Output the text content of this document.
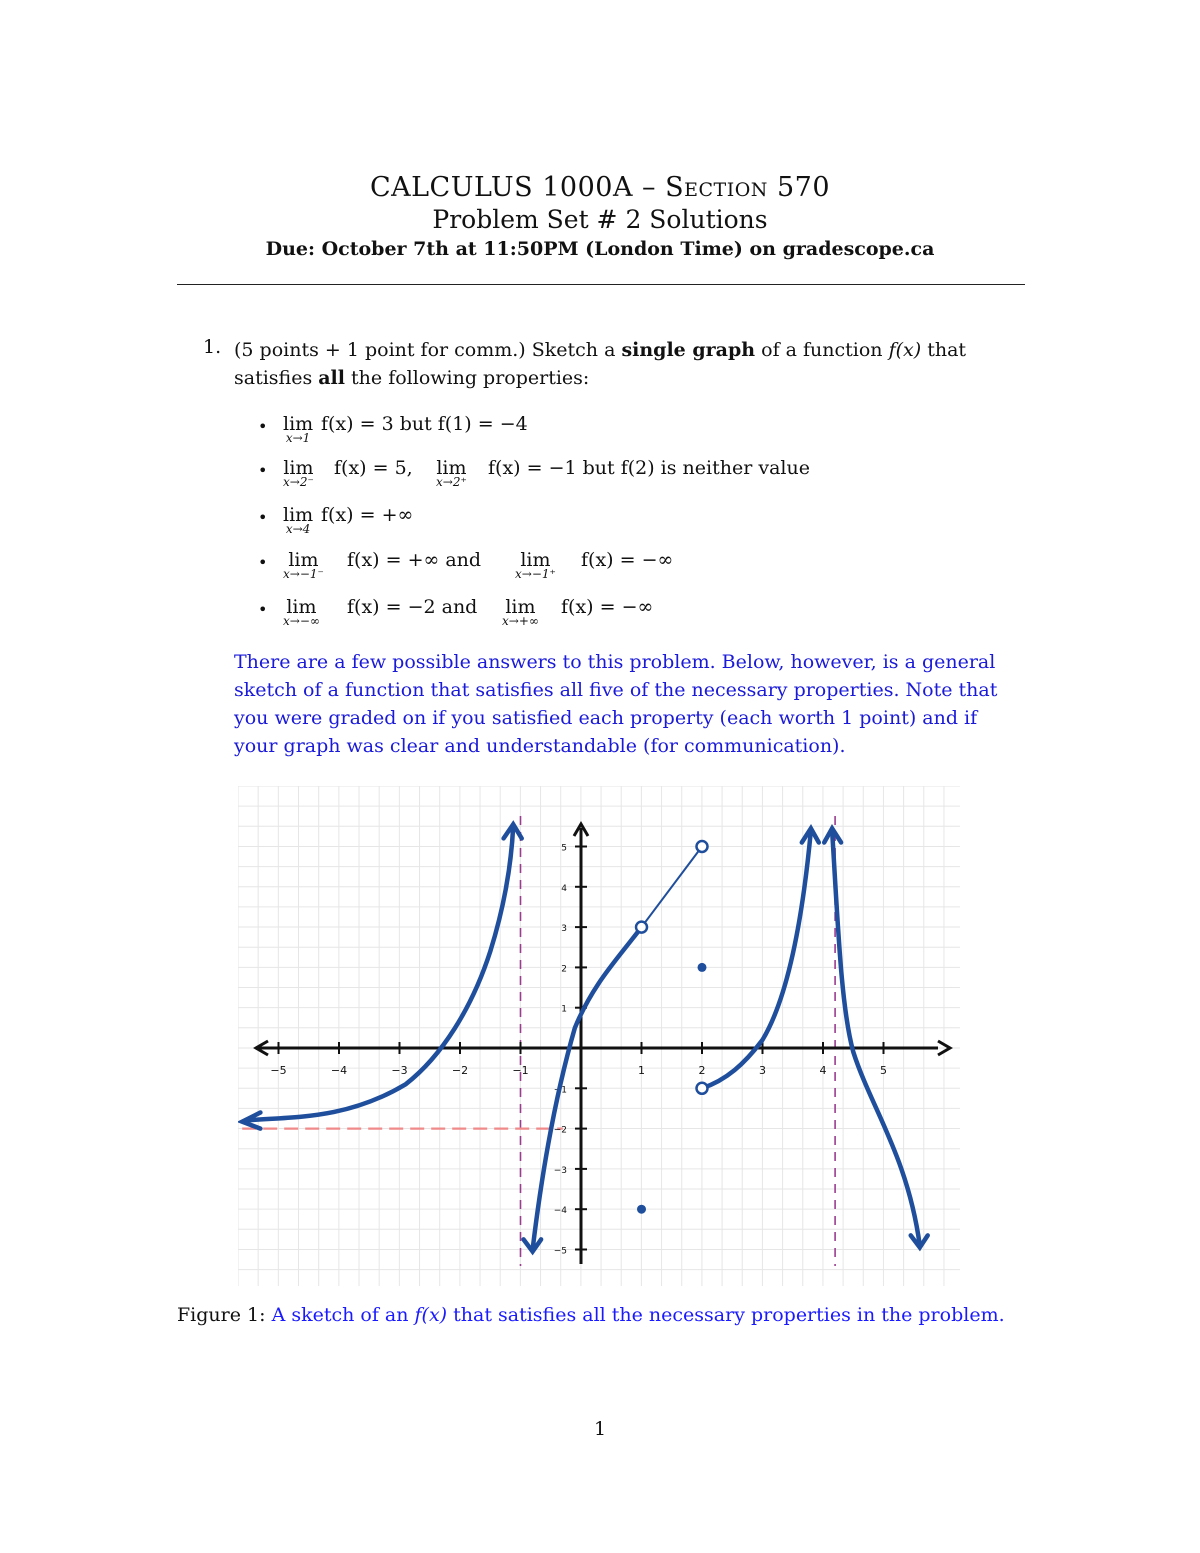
CALCULUS 1000A – Section 570
Problem Set # 2 Solutions
Due: October 7th at 11:50PM (London Time) on gradescope.ca
1. (5 points + 1 point for comm.) Sketch a single graph of a function f(x) that
satisfies all the following properties:
• lim
x→1
f(x) = 3 but f(1) = −4
• lim
x→2⁻
f(x) = 5, lim
x→2⁺
f(x) = −1 but f(2) is neither value
• lim
x→4
f(x) = +∞
• lim
x→−1⁻
f(x) = +∞ and lim
x→−1⁺
f(x) = −∞
• lim
x→−∞
f(x) = −2 and lim
x→+∞
f(x) = −∞
There are a few possible answers to this problem. Below, however, is a general
sketch of a function that satisfies all five of the necessary properties. Note that
you were graded on if you satisfied each property (each worth 1 point) and if
your graph was clear and understandable (for communication).
−5	−4	−3	−2	−1	1	2	3	4	5
5
4
3
2
1
−1
−2
−3
−4
−5
Figure 1: A sketch of an f(x) that satisfies all the necessary properties in the problem.
1
